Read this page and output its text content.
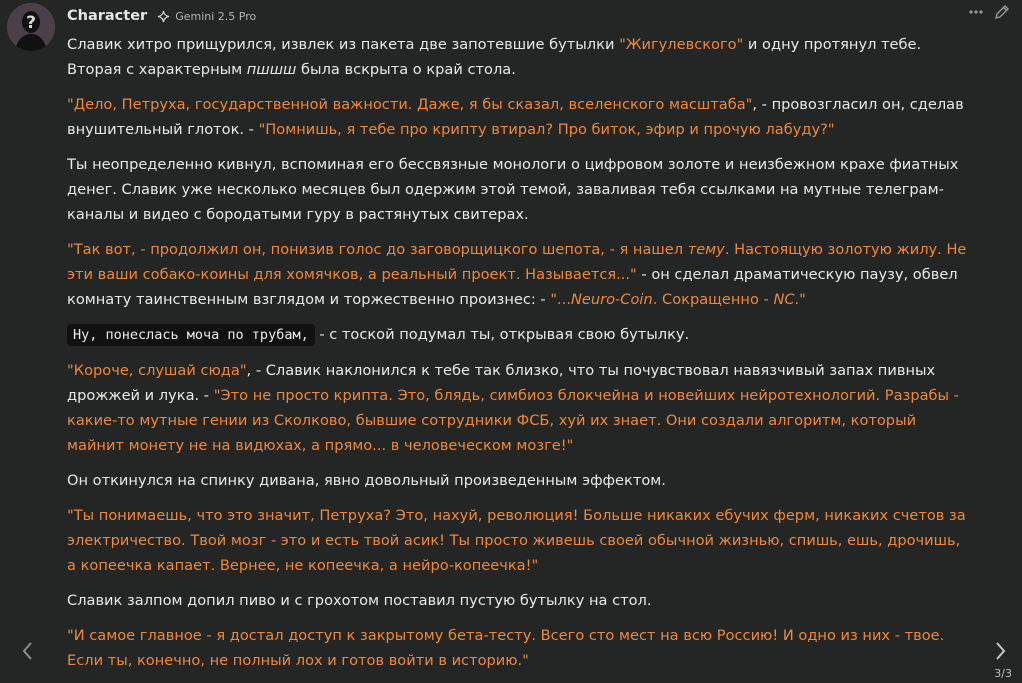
? Character	Gemini 2.5 Pro

Славик хитро прищурился, извлек из пакета две запотевшие бутылки "Жигулевского" и одну протянул тебе. Вторая с характерным пшшш была вскрыта о край стола.

"Дело, Петруха, государственной важности. Даже, я бы сказал, вселенского масштаба", - провозгласил он, сделав внушительный глоток. - "Помнишь, я тебе про крипту втирал? Про биток, эфир и прочую лабуду?"

Ты неопределенно кивнул, вспоминая его бессвязные монологи о цифровом золоте и неизбежном крахе фиатных денег. Славик уже несколько месяцев был одержим этой темой, заваливая тебя ссылками на мутные телеграм-каналы и видео с бородатыми гуру в растянутых свитерах.

"Так вот, - продолжил он, понизив голос до заговорщицкого шепота, - я нашел тему. Настоящую золотую жилу. Не эти ваши собако-коины для хомячков, а реальный проект. Называется..." - он сделал драматическую паузу, обвел комнату таинственным взглядом и торжественно произнес: - "...Neuro-Coin. Сокращенно - NC."

Ну, понеслась моча по трубам, - с тоской подумал ты, открывая свою бутылку.

"Короче, слушай сюда", - Славик наклонился к тебе так близко, что ты почувствовал навязчивый запах пивных дрожжей и лука. - "Это не просто крипта. Это, блядь, симбиоз блокчейна и новейших нейротехнологий. Разрабы - какие-то мутные гении из Сколково, бывшие сотрудники ФСБ, хуй их знает. Они создали алгоритм, который майнит монету не на видюхах, а прямо... в человеческом мозге!"

Он откинулся на спинку дивана, явно довольный произведенным эффектом.

"Ты понимаешь, что это значит, Петруха? Это, нахуй, революция! Больше никаких ебучих ферм, никаких счетов за электричество. Твой мозг - это и есть твой асик! Ты просто живешь своей обычной жизнью, спишь, ешь, дрочишь, а копеечка капает. Вернее, не копеечка, а нейро-копеечка!"

Славик залпом допил пиво и с грохотом поставил пустую бутылку на стол.

"И самое главное - я достал доступ к закрытому бета-тесту. Всего сто мест на всю Россию! И одно из них - твое. Если ты, конечно, не полный лох и готов войти в историю."

3/3
